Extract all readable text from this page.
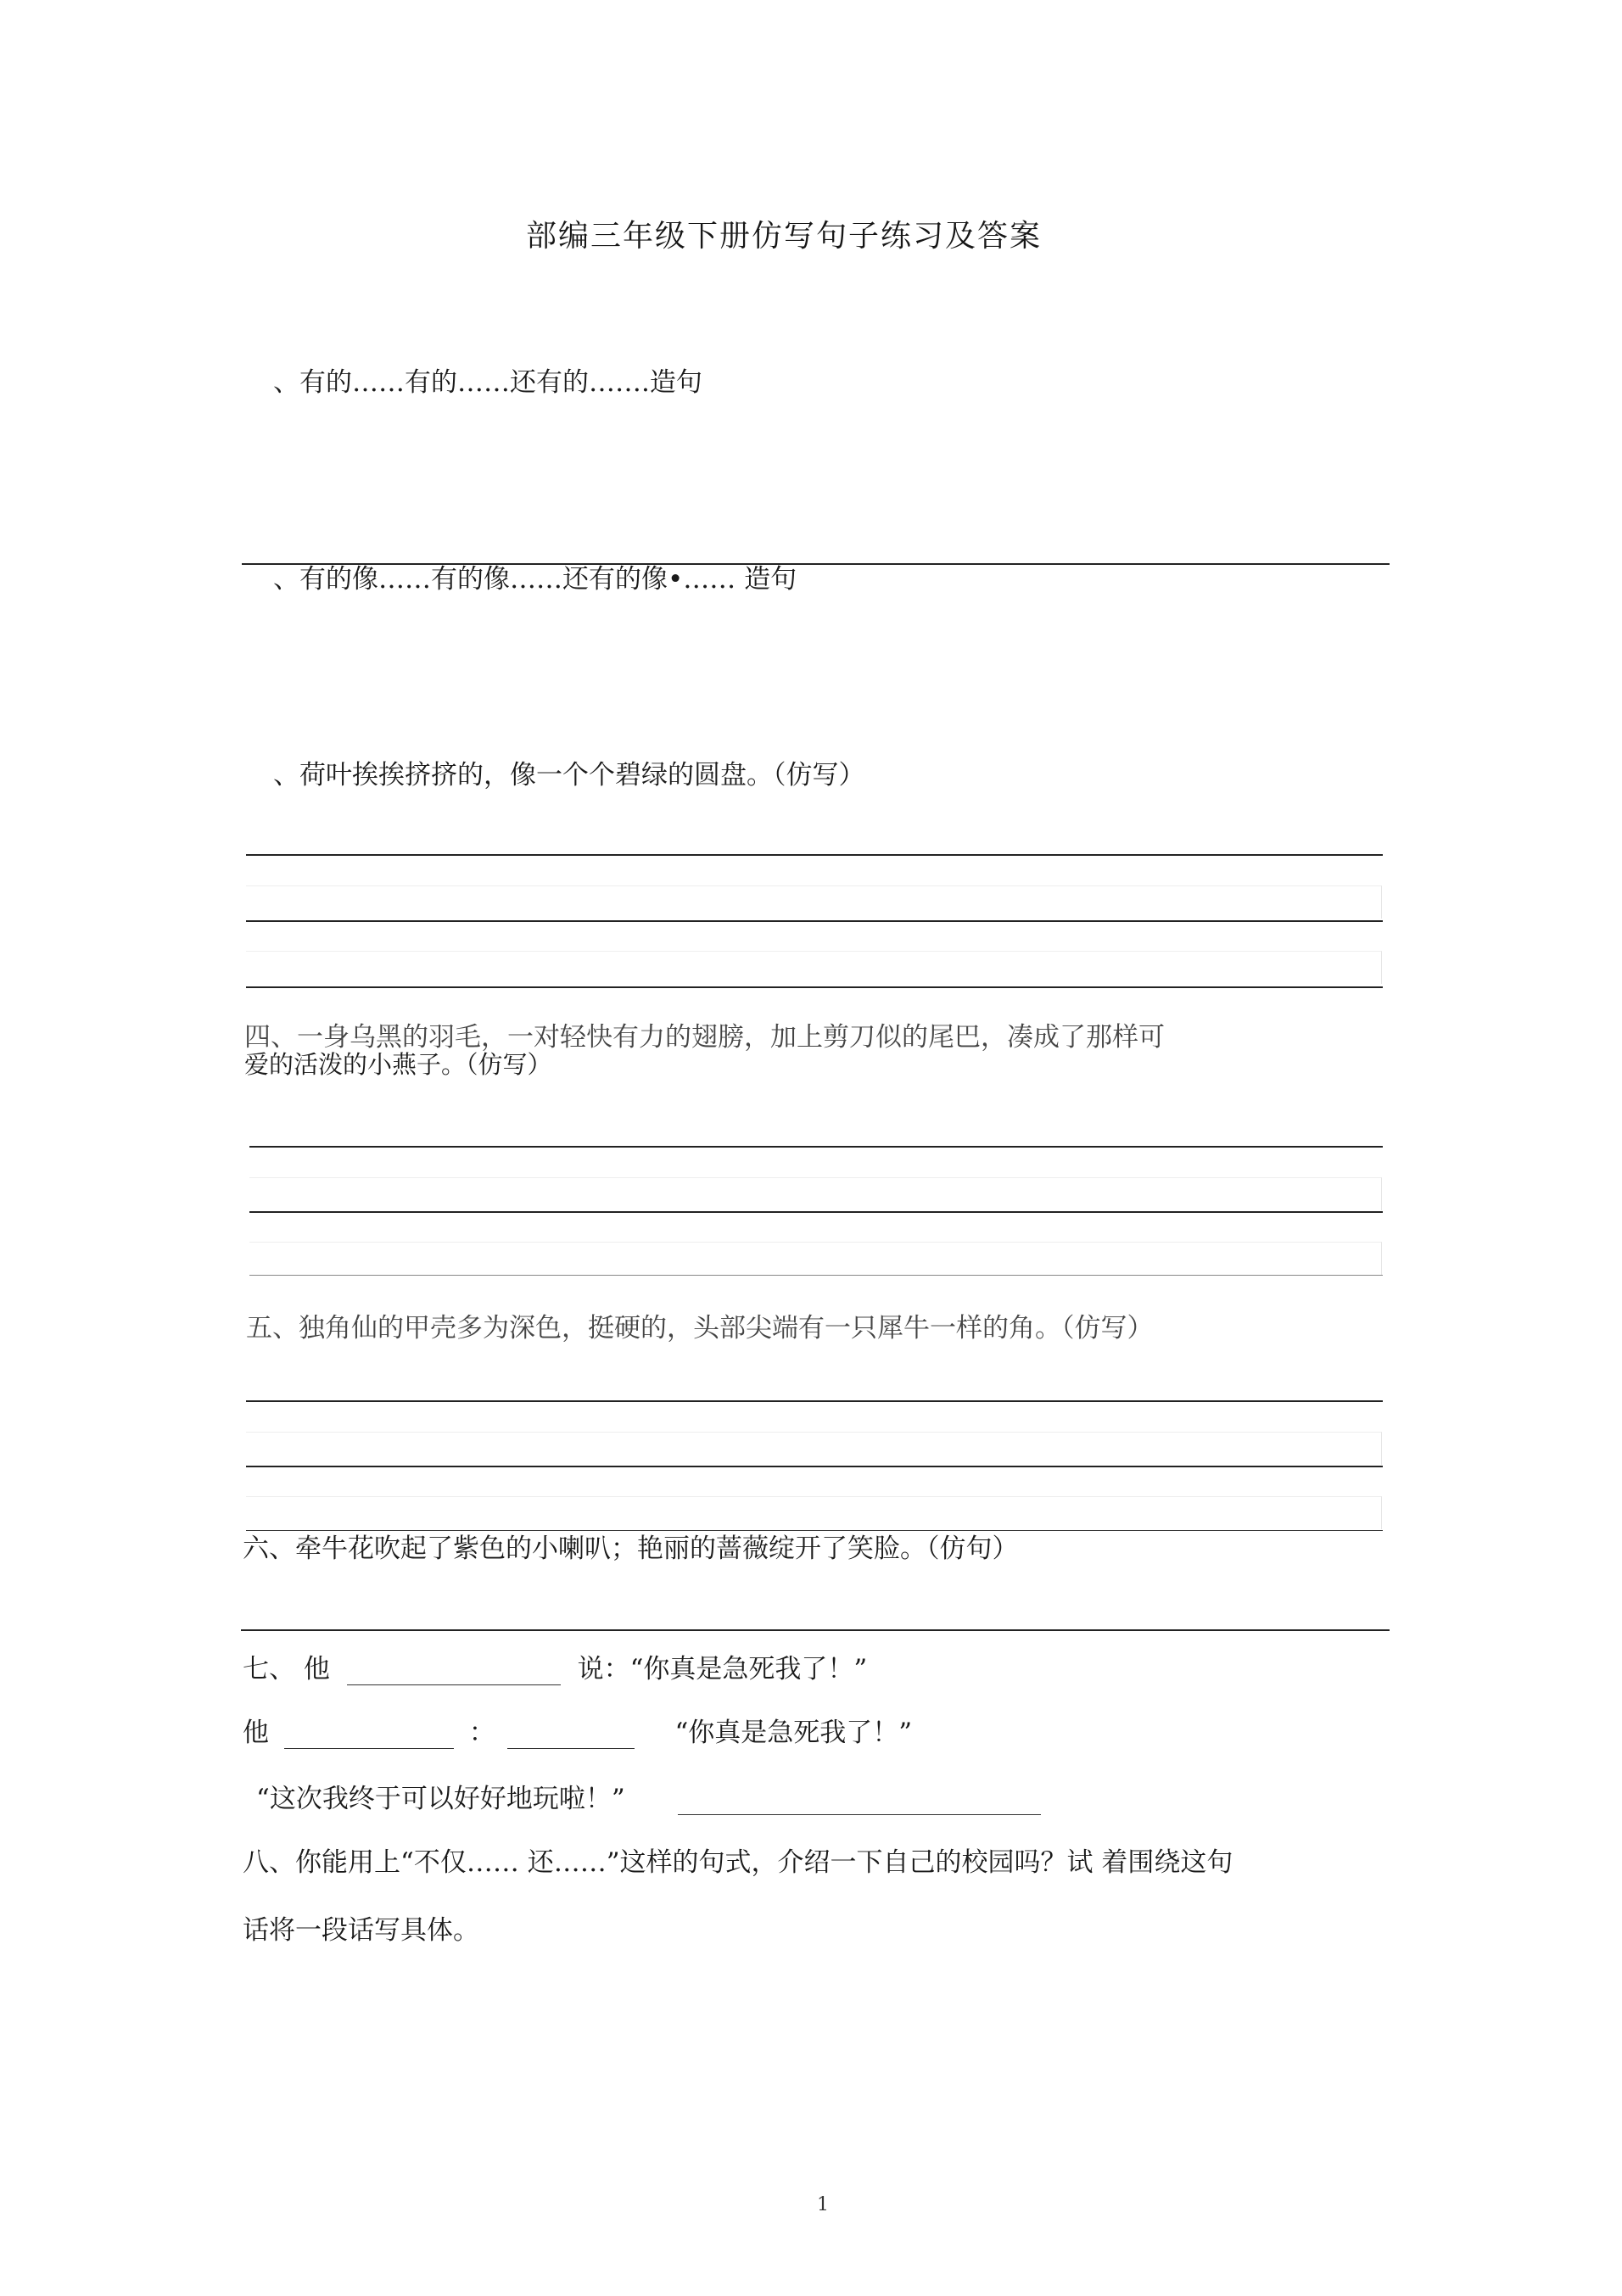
部编三年级下册仿写句子练习及答案
、有的……有的……还有的…….造句
、有的像……有的像……还有的像•…… 造句
、荷叶挨挨挤挤的，像一个个碧绿的圆盘。（仿写）
四、一身乌黑的羽毛，一对轻快有力的翅膀，加上剪刀似的尾巴，凑成了那样可
爱的活泼的小燕子。（仿写）
五、独角仙的甲壳多为深色，挺硬的，头部尖端有一只犀牛一样的角。（仿写）
六、牵牛花吹起了紫色的小喇叭；艳丽的蔷薇绽开了笑脸。（仿句）
七、 他	说：“你真是急死我了！”
他	：	“你真是急死我了！”
“这次我终于可以好好地玩啦！”
八、你能用上“不仅…… 还……”这样的句式，介绍一下自己的校园吗？试 着围绕这句
话将一段话写具体。
1
